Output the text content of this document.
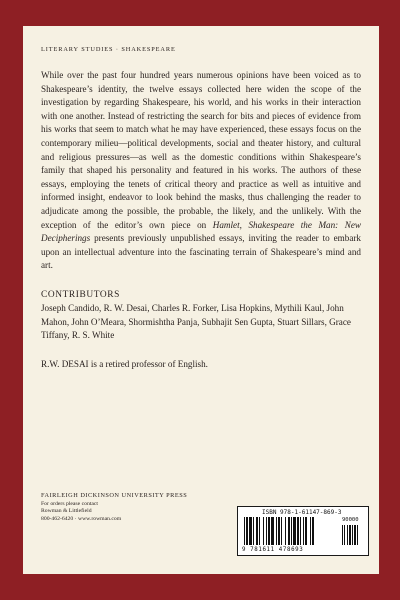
LITERARY STUDIES · SHAKESPEARE

While over the past four hundred years numerous opinions have been voiced as to Shakespeare’s identity, the twelve essays collected here widen the scope of the investigation by regarding Shakespeare, his world, and his works in their interaction with one another. Instead of restricting the search for bits and pieces of evidence from his works that seem to match what he may have experienced, these essays focus on the contemporary milieu—political developments, social and theater history, and cultural and religious pressures—as well as the domestic conditions within Shakespeare’s family that shaped his personality and featured in his works. The authors of these essays, employing the tenets of critical theory and practice as well as intuitive and informed insight, endeavor to look behind the masks, thus challenging the reader to adjudicate among the possible, the probable, the likely, and the unlikely. With the exception of the editor’s own piece on Hamlet, Shakespeare the Man: New Decipherings presents previously unpublished essays, inviting the reader to embark upon an intellectual adventure into the fascinating terrain of Shakespeare’s mind and art.

CONTRIBUTORS

Joseph Candido, R. W. Desai, Charles R. Forker, Lisa Hopkins, Mythili Kaul, John Mahon, John O’Meara, Shormishtha Panja, Subhajit Sen Gupta, Stuart Sillars, Grace Tiffany, R. S. White

R.W. DESAI is a retired professor of English.

FAIRLEIGH DICKINSON UNIVERSITY PRESS

For orders please contact

Rowman & Littlefield

800-462-6420 · www.rowman.com

ISBN 978-1-61147-869-3
90000
9 781611 478693
